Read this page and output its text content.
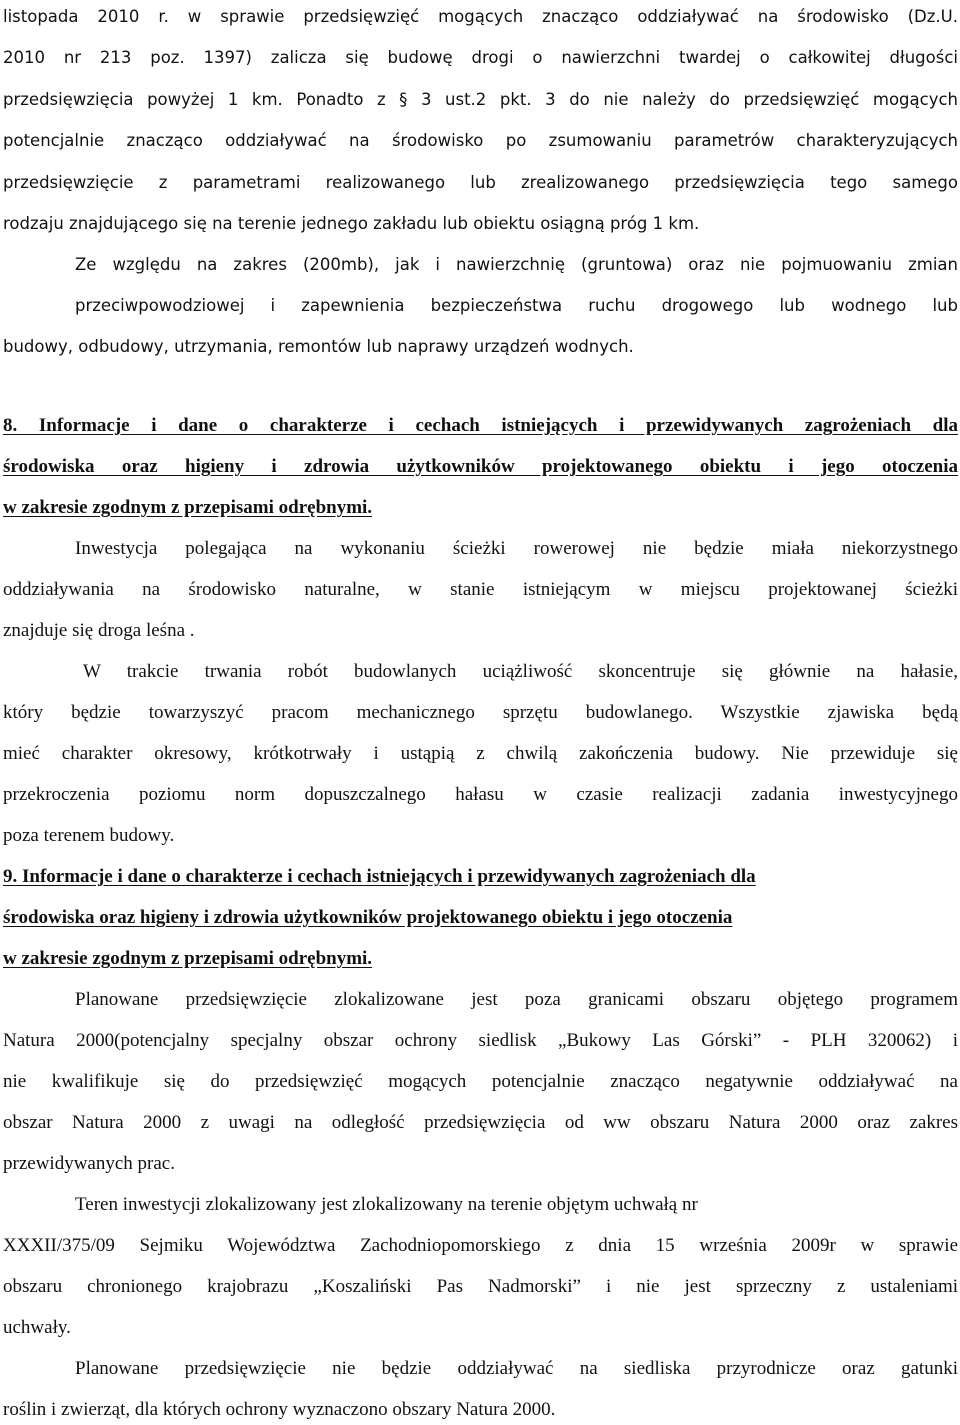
listopada 2010 r. w sprawie przedsięwzięć mogących znacząco oddziaływać na środowisko (Dz.U.
2010 nr 213 poz. 1397) zalicza się budowę drogi o nawierzchni twardej o całkowitej długości
przedsięwzięcia powyżej 1 km. Ponadto z § 3 ust.2 pkt. 3 do nie należy do przedsięwzięć mogących
potencjalnie znacząco oddziaływać na środowisko po zsumowaniu parametrów charakteryzujących
przedsięwzięcie z parametrami realizowanego lub zrealizowanego przedsięwzięcia tego samego
rodzaju znajdującego się na terenie jednego zakładu lub obiektu osiągną próg 1 km.
Ze względu na zakres (200mb), jak i nawierzchnię (gruntowa) oraz nie pojmuowaniu zmian
przeciwpowodziowej i zapewnienia bezpieczeństwa ruchu drogowego lub wodnego lub
budowy, odbudowy, utrzymania, remontów lub naprawy urządzeń wodnych.
8. Informacje i dane o charakterze i cechach istniejących i przewidywanych zagrożeniach dla
środowiska oraz higieny i zdrowia użytkowników projektowanego obiektu i jego otoczenia
w zakresie zgodnym z przepisami odrębnymi.
Inwestycja polegająca na wykonaniu ścieżki rowerowej nie będzie miała niekorzystnego
oddziaływania na środowisko naturalne, w stanie istniejącym w miejscu projektowanej ścieżki
znajduje się droga leśna .
W trakcie trwania robót budowlanych uciążliwość skoncentruje się głównie na hałasie,
który będzie towarzyszyć pracom mechanicznego sprzętu budowlanego. Wszystkie zjawiska będą
mieć charakter okresowy, krótkotrwały i ustąpią z chwilą zakończenia budowy. Nie przewiduje się
przekroczenia poziomu norm dopuszczalnego hałasu w czasie realizacji zadania inwestycyjnego
poza terenem budowy.
9. Informacje i dane o charakterze i cechach istniejących i przewidywanych zagrożeniach dla
środowiska oraz higieny i zdrowia użytkowników projektowanego obiektu i jego otoczenia
w zakresie zgodnym z przepisami odrębnymi.
Planowane przedsięwzięcie zlokalizowane jest poza granicami obszaru objętego programem
Natura 2000(potencjalny specjalny obszar ochrony siedlisk „Bukowy Las Górski” - PLH 320062) i
nie kwalifikuje się do przedsięwzięć mogących potencjalnie znacząco negatywnie oddziaływać na
obszar Natura 2000 z uwagi na odległość przedsięwzięcia od ww obszaru Natura 2000 oraz zakres
przewidywanych prac.
Teren inwestycji zlokalizowany jest zlokalizowany na terenie objętym uchwałą nr
XXXII/375/09 Sejmiku Województwa Zachodniopomorskiego z dnia 15 września 2009r w sprawie
obszaru chronionego krajobrazu „Koszaliński Pas Nadmorski” i nie jest sprzeczny z ustaleniami
uchwały.
Planowane przedsięwzięcie nie będzie oddziaływać na siedliska przyrodnicze oraz gatunki
roślin i zwierząt, dla których ochrony wyznaczono obszary Natura 2000.
